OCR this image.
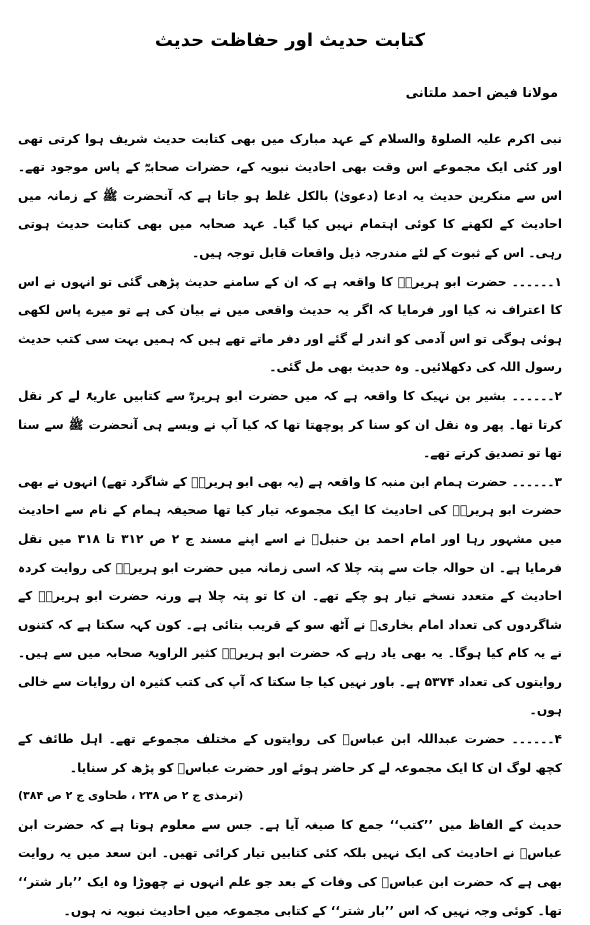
کتابت حدیث اور حفاظت حدیث
مولانا فیض احمد ملتانی

نبی اکرم علیہ الصلوۃ والسلام کے عہد مبارک میں بھی کتابت حدیث شریف ہوا کرتی تھی اور کئی ایک مجموعے اس وقت بھی احادیث نبویہ کے، حضرات صحابہؓ کے پاس موجود تھے۔ اس سے منکرین حدیث یہ ادعا (دعویٰ) بالکل غلط ہو جاتا ہے کہ آنحضرت ﷺ کے زمانہ میں احادیث کے لکھنے کا کوئی اہتمام نہیں کیا گیا۔ عہد صحابہ میں بھی کتابت حدیث ہوتی رہی۔ اس کے ثبوت کے لئے مندرجہ ذیل واقعات قابل توجہ ہیں۔

۱۔۔۔۔۔۔ حضرت ابو ہریرہؓ کا واقعہ ہے کہ ان کے سامنے حدیث پڑھی گئی تو انہوں نے اس کا اعتراف نہ کیا اور فرمایا کہ اگر یہ حدیث واقعی میں نے بیان کی ہے تو میرے پاس لکھی ہوئی ہوگی تو اس آدمی کو اندر لے گئے اور دفر ماتے تھے ہیں کہ ہمیں بہت سی کتب حدیث رسول اللہ کی دکھلائیں۔ وہ حدیث بھی مل گئی۔

۲۔۔۔۔۔۔ بشیر بن نہیک کا واقعہ ہے کہ میں حضرت ابو ہریرہؓ سے کتابیں عاریۃً لے کر نقل کرتا تھا۔ پھر وہ نقل ان کو سنا کر پوچھتا تھا کہ کیا آپ نے ویسے ہی آنحضرت ﷺ سے سنا تھا تو تصدیق کرتے تھے۔

۳۔۔۔۔۔۔ حضرت ہمام ابن منبہ کا واقعہ ہے (یہ بھی ابو ہریرہؓ کے شاگرد تھے) انہوں نے بھی حضرت ابو ہریرہؓ کی احادیث کا ایک مجموعہ تیار کیا تھا صحیفہ ہمام کے نام سے احادیث میں مشہور رہا اور امام احمد بن حنبلؒ نے اسے اپنے مسند ج ۲ ص ۳۱۲ تا ۳۱۸ میں نقل فرمایا ہے۔ ان حوالہ جات سے پتہ چلا کہ اسی زمانہ میں حضرت ابو ہریرہؓ کی روایت کردہ احادیث کے متعدد نسخے تیار ہو چکے تھے۔ ان کا تو پتہ چلا ہے ورنہ حضرت ابو ہریرہؓ کے شاگردوں کی تعداد امام بخاریؒ نے آٹھ سو کے قریب بتائی ہے۔ کون کہہ سکتا ہے کہ کتنوں نے یہ کام کیا ہوگا۔ یہ بھی یاد رہے کہ حضرت ابو ہریرہؓ کثیر الراویۃ صحابہ میں سے ہیں۔ روایتوں کی تعداد ۵۳۷۴ ہے۔ باور نہیں کیا جا سکتا کہ آپ کی کتب کثیرہ ان روایات سے خالی ہوں۔

۴۔۔۔۔۔۔ حضرت عبداللہ ابن عباسؓ کی روایتوں کے مختلف مجموعے تھے۔ اہل طائف کے کچھ لوگ ان کا ایک مجموعہ لے کر حاضر ہوئے اور حضرت عباسؓ کو پڑھ کر سنایا۔
(ترمذی ج ۲ ص ۲۳۸ ، طحاوی ج ۲ ص ۳۸۴)

حدیث کے الفاظ میں ’’کتب‘‘ جمع کا صیغہ آیا ہے۔ جس سے معلوم ہوتا ہے کہ حضرت ابن عباسؓ نے احادیث کی ایک نہیں بلکہ کئی کتابیں تیار کرائی تھیں۔ ابن سعد میں یہ روایت بھی ہے کہ حضرت ابن عباسؓ کی وفات کے بعد جو علم انہوں نے چھوڑا وہ ایک ’’بار شتر‘‘ تھا۔ کوئی وجہ نہیں کہ اس ’’بار شتر‘‘ کے کتابی مجموعہ میں احادیث نبویہ نہ ہوں۔
